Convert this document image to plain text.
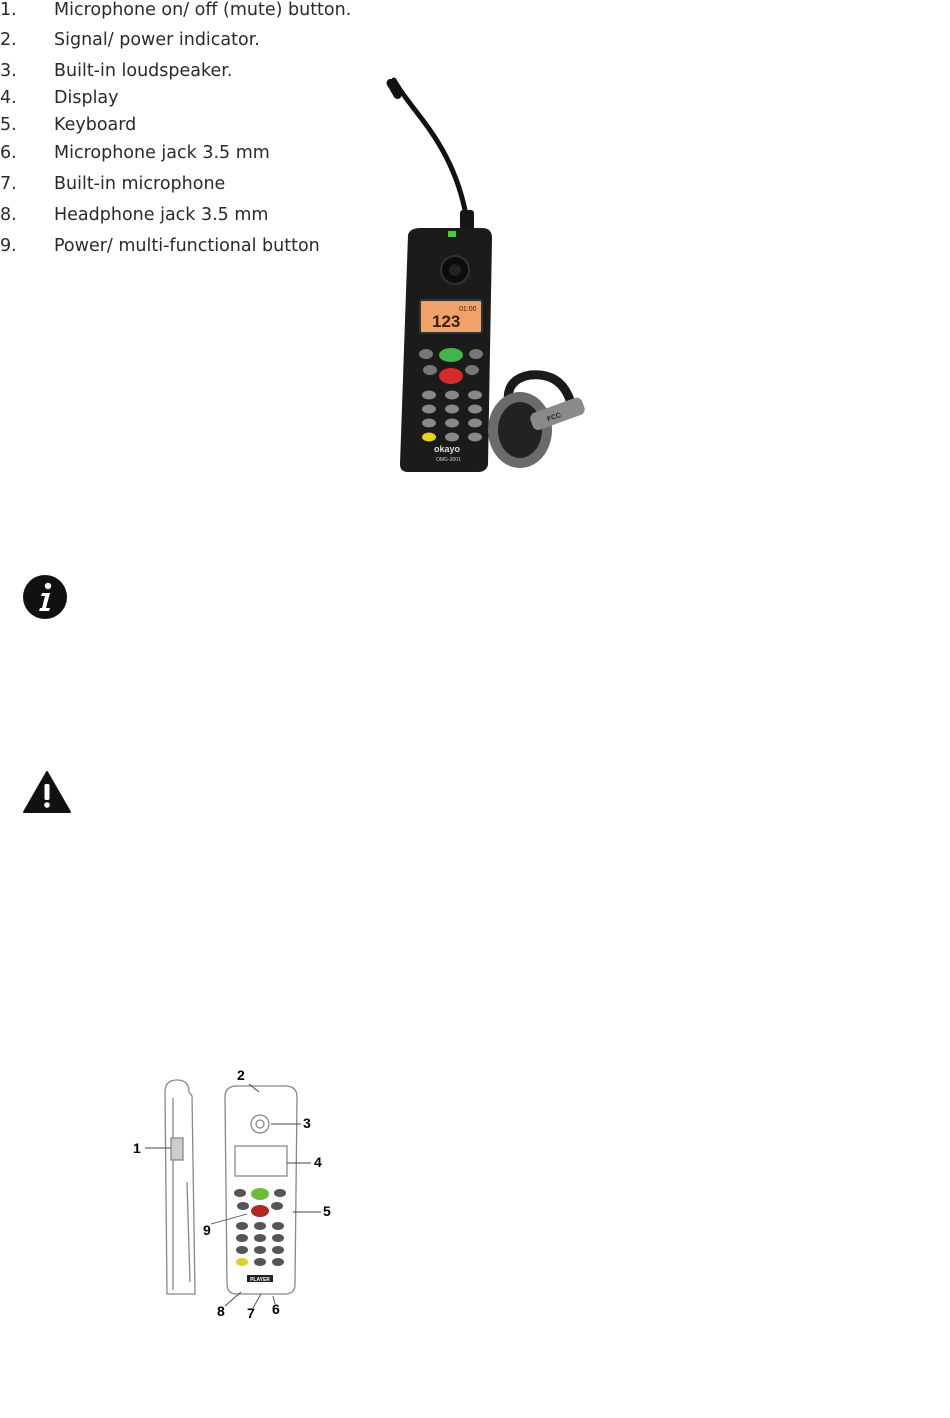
123
01:00
okayo
OMG-3001
FCC
PLAYER
1
2
3
4
5
6
7
8
9
1. Microphone on/ off (mute) button.
2. Signal/ power indicator.
3. Built-in loudspeaker.
4. Display
5. Keyboard
6. Microphone jack 3.5 mm
7. Built-in microphone
8. Headphone jack 3.5 mm
9. Power/ multi-functional button
